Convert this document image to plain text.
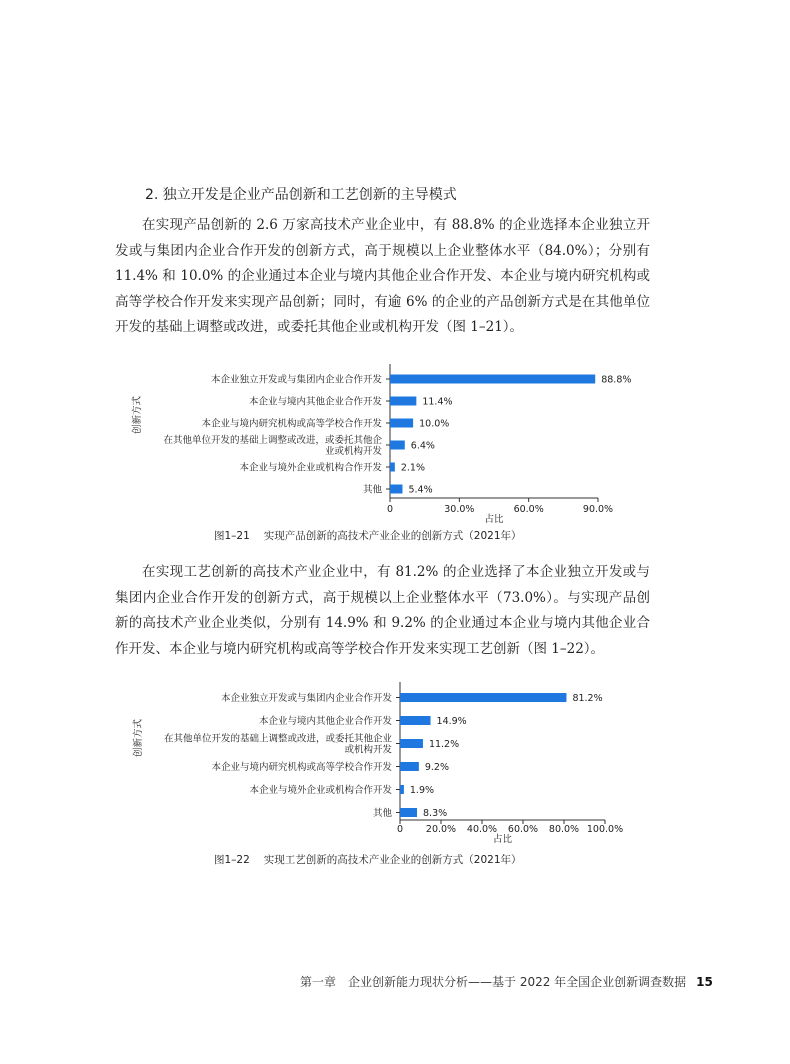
2. 独立开发是企业产品创新和工艺创新的主导模式

在实现产品创新的 2.6 万家高技术产业企业中，有 88.8% 的企业选择本企业独立开发或与集团内企业合作开发的创新方式，高于规模以上企业整体水平（84.0%）；分别有 11.4% 和 10.0% 的企业通过本企业与境内其他企业合作开发、本企业与境内研究机构或高等学校合作开发来实现产品创新；同时，有逾 6% 的企业的产品创新方式是在其他单位开发的基础上调整或改进，或委托其他企业或机构开发（图 1–21）。

88.8%
本企业独立开发或与集团内企业合作开发
11.4%
本企业与境内其他企业合作开发
10.0%
本企业与境内研究机构或高等学校合作开发
6.4%
在其他单位开发的基础上调整或改进，或委托其他企
业或机构开发
2.1%
本企业与境外企业或机构合作开发
5.4%
其他
0	30.0%	60.0%	90.0%
占比
创新方式
图1–21 实现产品创新的高技术产业企业的创新方式（2021年）

在实现工艺创新的高技术产业企业中，有 81.2% 的企业选择了本企业独立开发或与集团内企业合作开发的创新方式，高于规模以上企业整体水平（73.0%）。与实现产品创新的高技术产业企业类似，分别有 14.9% 和 9.2% 的企业通过本企业与境内其他企业合作开发、本企业与境内研究机构或高等学校合作开发来实现工艺创新（图 1–22）。

81.2%
本企业独立开发或与集团内企业合作开发
14.9%
本企业与境内其他企业合作开发
11.2%
在其他单位开发的基础上调整或改进，或委托其他企业
或机构开发
9.2%
本企业与境内研究机构或高等学校合作开发
1.9%
本企业与境外企业或机构合作开发
8.3%
其他
0 20.0% 40.0% 60.0% 80.0% 100.0%
占比
创新方式
图1–22 实现工艺创新的高技术产业企业的创新方式（2021年）
第一章　企业创新能力现状分析——基于 2022 年全国企业创新调查数据 15
